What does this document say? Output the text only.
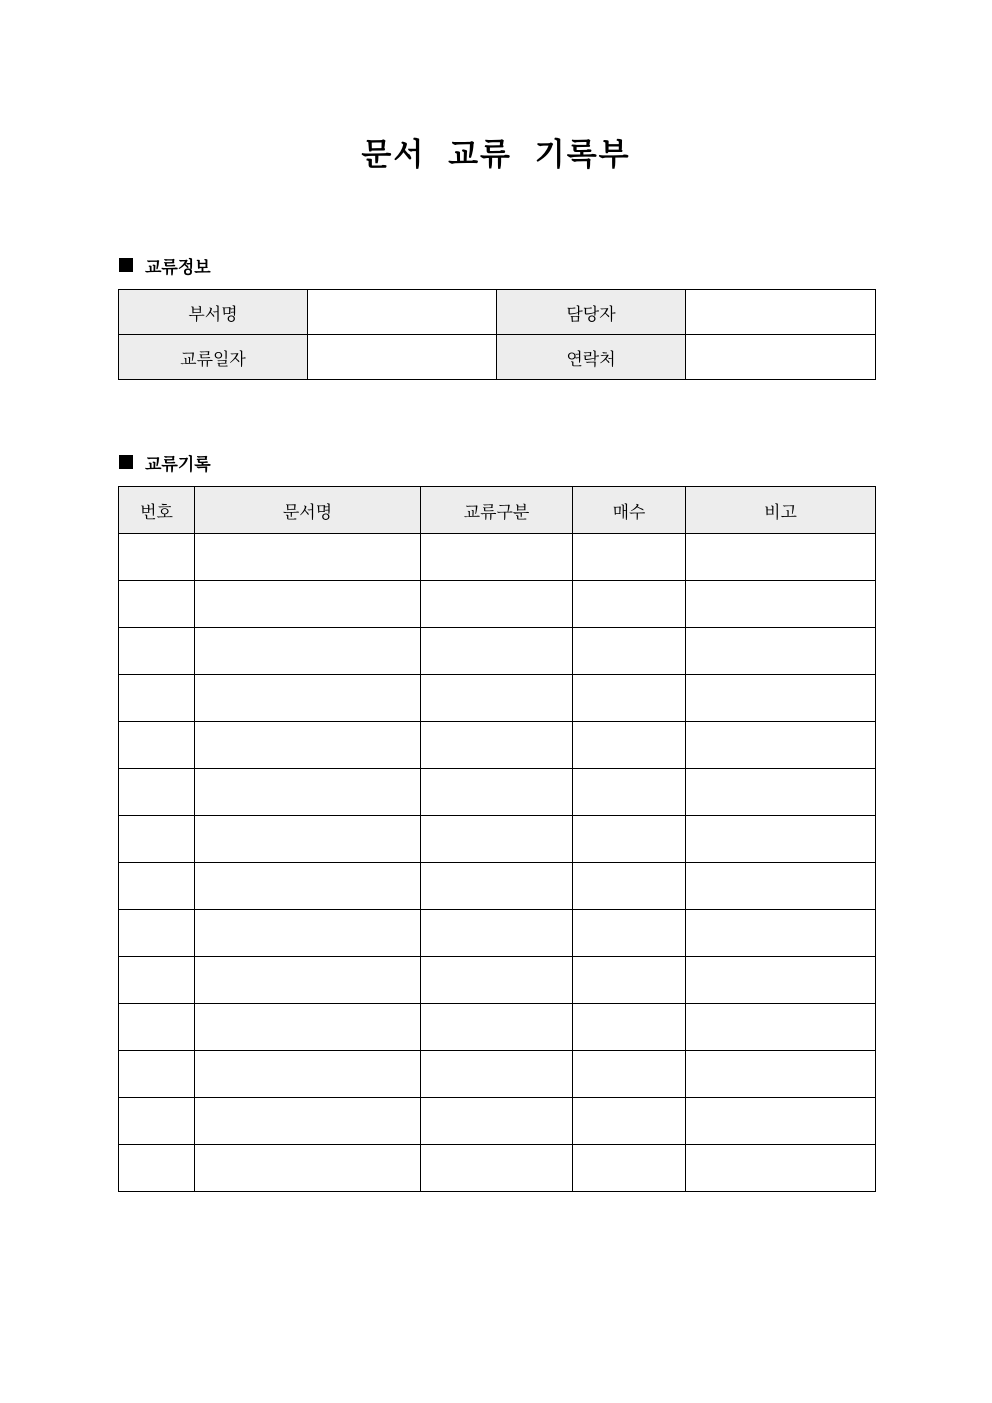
문서 교류 기록부
교류정보
부서명		담당자	
교류일자		연락처	
교류기록
번호	문서명	교류구분	매수	비고
